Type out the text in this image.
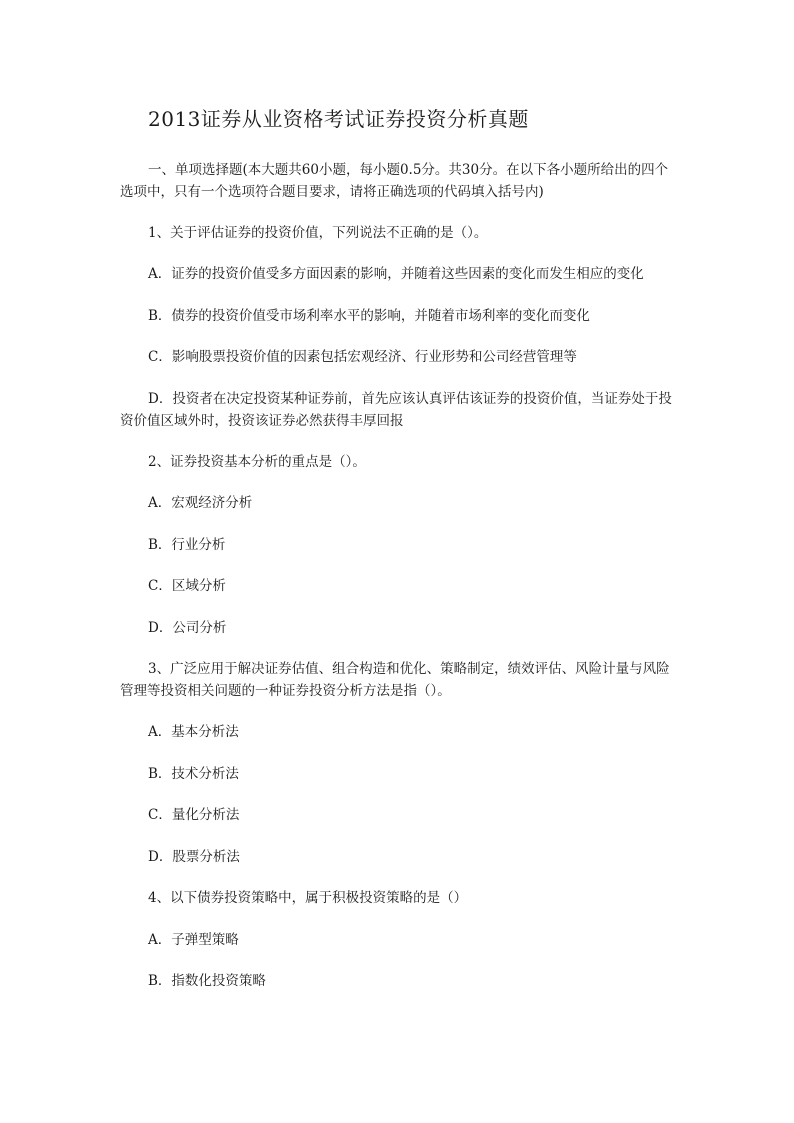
2013证券从业资格考试证券投资分析真题

一、单项选择题(本大题共60小题，每小题0.5分。共30分。在以下各小题所给出的四个选项中，只有一个选项符合题目要求，请将正确选项的代码填入括号内)

1、关于评估证券的投资价值，下列说法不正确的是（）。

A．证券的投资价值受多方面因素的影响，并随着这些因素的变化而发生相应的变化

B．债券的投资价值受市场利率水平的影响，并随着市场利率的变化而变化

C．影响股票投资价值的因素包括宏观经济、行业形势和公司经营管理等

D．投资者在决定投资某种证券前，首先应该认真评估该证券的投资价值，当证券处于投资价值区域外时，投资该证券必然获得丰厚回报

2、证券投资基本分析的重点是（）。

A．宏观经济分析

B．行业分析

C．区域分析

D．公司分析

3、广泛应用于解决证券估值、组合构造和优化、策略制定，绩效评估、风险计量与风险管理等投资相关问题的一种证券投资分析方法是指（）。

A．基本分析法

B．技术分析法

C．量化分析法

D．股票分析法

4、以下债券投资策略中，属于积极投资策略的是（）

A．子弹型策略

B．指数化投资策略
